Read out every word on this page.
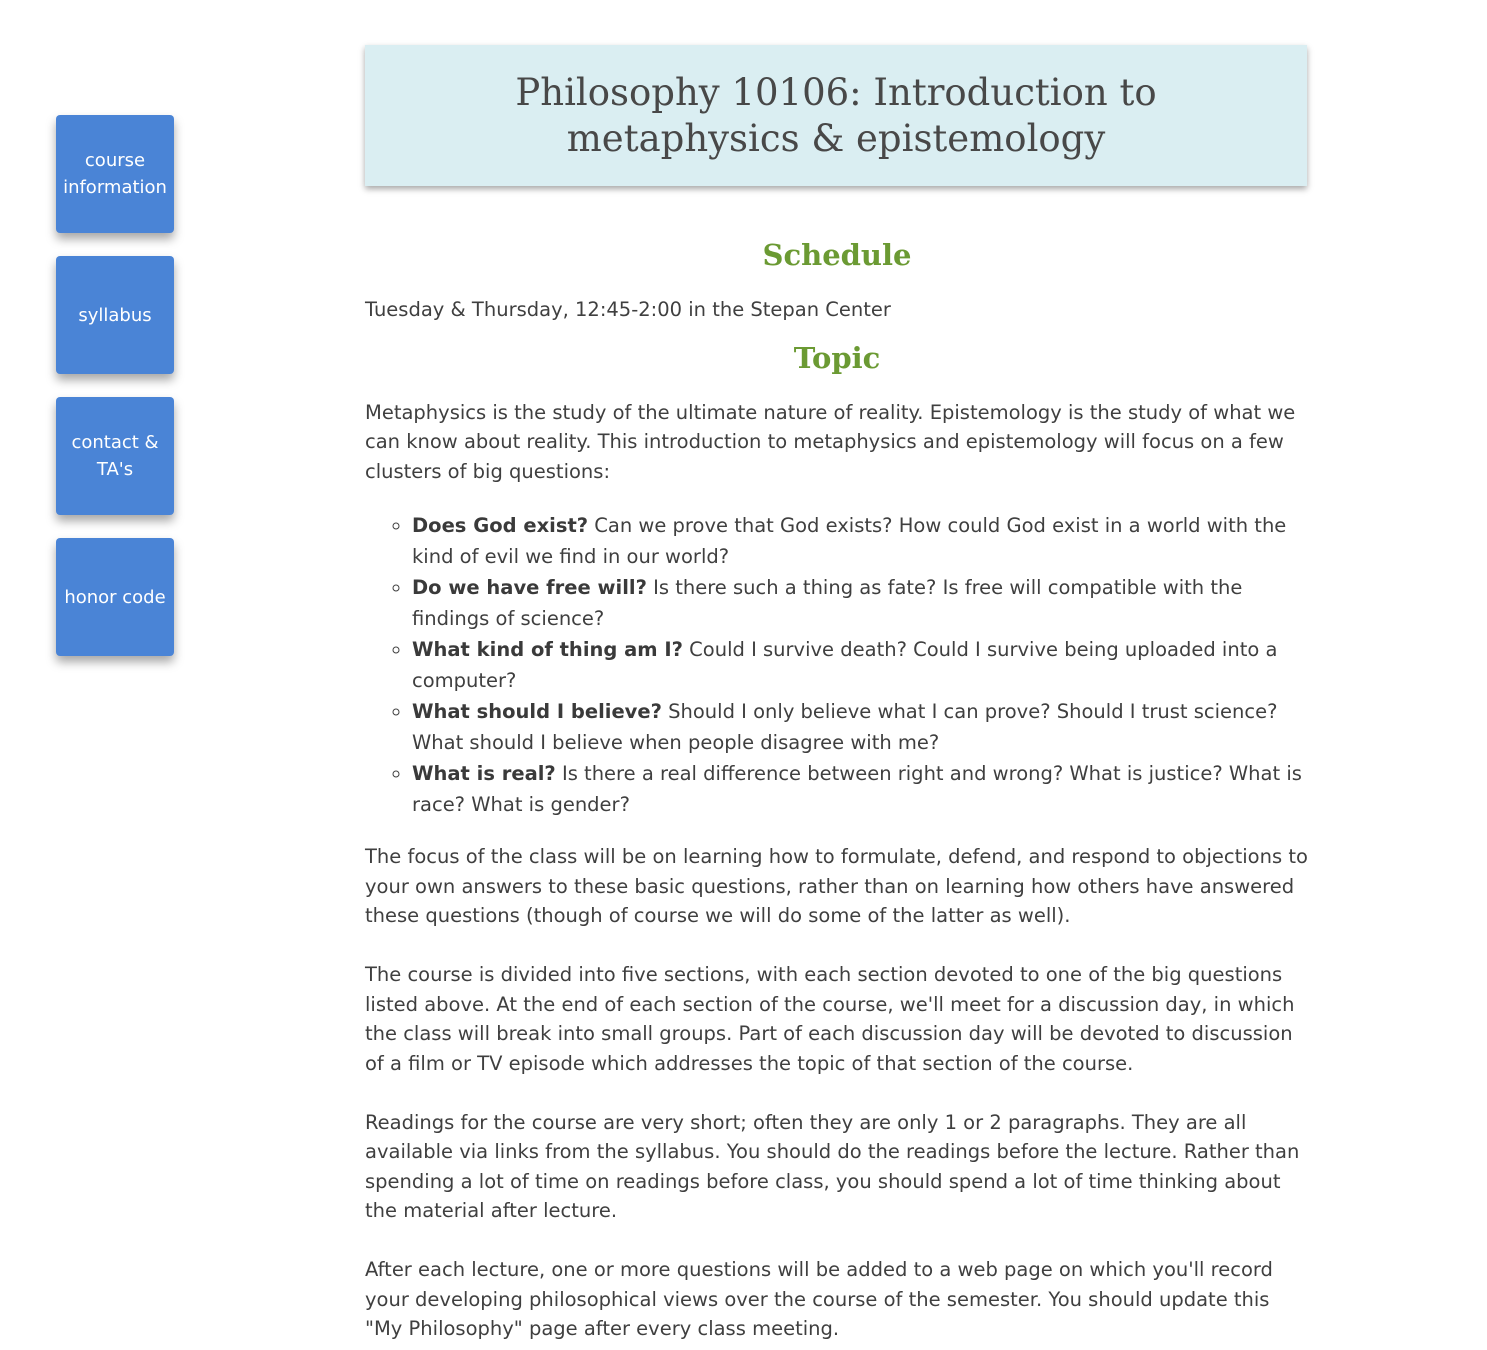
course information
syllabus
contact & TA's
honor code
Philosophy 10106: Introduction to metaphysics & epistemology
Schedule

Tuesday & Thursday, 12:45-2:00 in the Stepan Center

Topic

Metaphysics is the study of the ultimate nature of reality. Epistemology is the study of what we can know about reality. This introduction to metaphysics and epistemology will focus on a few clusters of big questions:

◦ Does God exist? Can we prove that God exists? How could God exist in a world with the kind of evil we find in our world?
◦ Do we have free will? Is there such a thing as fate? Is free will compatible with the findings of science?
◦ What kind of thing am I? Could I survive death? Could I survive being uploaded into a computer?
◦ What should I believe? Should I only believe what I can prove? Should I trust science? What should I believe when people disagree with me?
◦ What is real? Is there a real difference between right and wrong? What is justice? What is race? What is gender?

The focus of the class will be on learning how to formulate, defend, and respond to objections to your own answers to these basic questions, rather than on learning how others have answered these questions (though of course we will do some of the latter as well).

The course is divided into five sections, with each section devoted to one of the big questions listed above. At the end of each section of the course, we'll meet for a discussion day, in which the class will break into small groups. Part of each discussion day will be devoted to discussion of a film or TV episode which addresses the topic of that section of the course.

Readings for the course are very short; often they are only 1 or 2 paragraphs. They are all available via links from the syllabus. You should do the readings before the lecture. Rather than spending a lot of time on readings before class, you should spend a lot of time thinking about the material after lecture.

After each lecture, one or more questions will be added to a web page on which you'll record your developing philosophical views over the course of the semester. You should update this "My Philosophy" page after every class meeting.
